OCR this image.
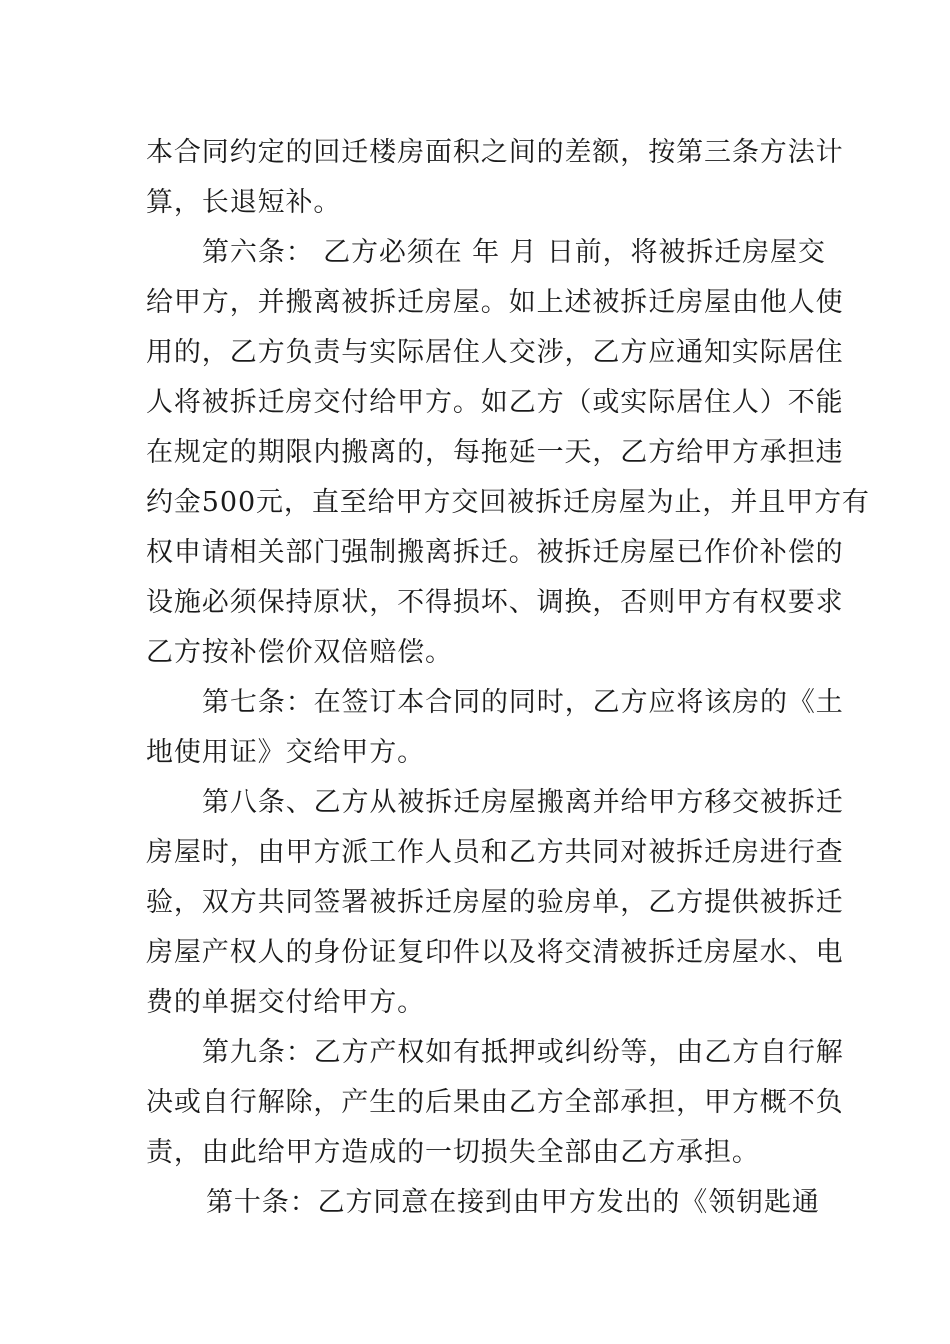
本合同约定的回迁楼房面积之间的差额，按第三条方法计
算，长退短补。
第六条： 乙方必须在 年 月 日前，将被拆迁房屋交
给甲方，并搬离被拆迁房屋。如上述被拆迁房屋由他人使
用的，乙方负责与实际居住人交涉，乙方应通知实际居住
人将被拆迁房交付给甲方。如乙方（或实际居住人）不能
在规定的期限内搬离的，每拖延一天，乙方给甲方承担违
约金500元，直至给甲方交回被拆迁房屋为止，并且甲方有
权申请相关部门强制搬离拆迁。被拆迁房屋已作价补偿的
设施必须保持原状，不得损坏、调换，否则甲方有权要求
乙方按补偿价双倍赔偿。
第七条：在签订本合同的同时，乙方应将该房的《土
地使用证》交给甲方。
第八条、乙方从被拆迁房屋搬离并给甲方移交被拆迁
房屋时，由甲方派工作人员和乙方共同对被拆迁房进行查
验，双方共同签署被拆迁房屋的验房单，乙方提供被拆迁
房屋产权人的身份证复印件以及将交清被拆迁房屋水、电
费的单据交付给甲方。
第九条：乙方产权如有抵押或纠纷等，由乙方自行解
决或自行解除，产生的后果由乙方全部承担，甲方概不负
责，由此给甲方造成的一切损失全部由乙方承担。
第十条：乙方同意在接到由甲方发出的《领钥匙通
